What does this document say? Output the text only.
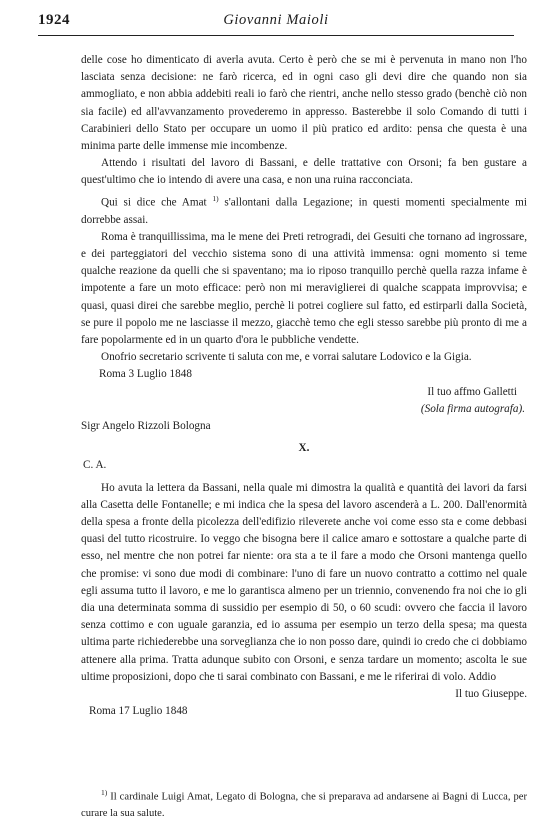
1924	Giovanni Maioli

delle cose ho dimenticato di averla avuta. Certo è però che se mi è pervenuta in mano non l'ho lasciata senza decisione: ne farò ricerca, ed in ogni caso gli devi dire che quando non sia ammogliato, e non abbia addebiti reali io farò che rientri, anche nello stesso grado (benchè ciò non sia facile) ed all'avvanzamento provederemo in appresso. Basterebbe il solo Comando di tutti i Carabinieri dello Stato per occupare un uomo il più pratico ed ardito: pensa che questa è una minima parte delle immense mie incombenze.

Attendo i risultati del lavoro di Bassani, e delle trattative con Orsoni; fa ben gustare a quest'ultimo che io intendo di avere una casa, e non una ruina racconciata.

Qui si dice che Amat $^{1)}$ s'allontani dalla Legazione; in questi momenti specialmente mi dorrebbe assai.

Roma è tranquillissima, ma le mene dei Preti retrogradi, dei Gesuiti che tornano ad ingrossare, e dei parteggiatori del vecchio sistema sono di una attività immensa: ogni momento si teme qualche reazione da quelli che si spaventano; ma io riposo tranquillo perchè quella razza infame è impotente a fare un moto efficace: però non mi meraviglierei di qualche scappata improvvisa; e quasi, quasi direi che sarebbe meglio, perchè li potrei cogliere sul fatto, ed estirparli dalla Società, se pure il popolo me ne lasciasse il mezzo, giacchè temo che egli stesso sarebbe più pronto di me a fare popolarmente ed in un quarto d'ora le pubbliche vendette.

Onofrio secretario scrivente ti saluta con me, e vorrai salutare Lodovico e la Gigia.

Roma 3 Luglio 1848
Il tuo affmo Galletti
(Sola firma autografa).
Sigr Angelo Rizzoli Bologna
X.
C. A.

Ho avuta la lettera da Bassani, nella quale mi dimostra la qualità e quantità dei lavori da farsi alla Casetta delle Fontanelle; e mi indica che la spesa del lavoro ascenderà a L. 200. Dall'enormità della spesa a fronte della picolezza dell'edifizio rileverete anche voi come esso sta e come debbasi quasi del tutto ricostruire. Io veggo che bisogna bere il calice amaro e sottostare a qualche parte di esso, nel mentre che non potrei far niente: ora sta a te il fare a modo che Orsoni mantenga quello che promise: vi sono due modi di combinare: l'uno di fare un nuovo contratto a cottimo nel quale egli assuma tutto il lavoro, e me lo garantisca almeno per un triennio, convenendo fra noi che io gli dia una determinata somma di sussidio per esempio di 50, o 60 scudi: ovvero che faccia il lavoro senza cottimo e con uguale garanzia, ed io assuma per esempio un terzo della spesa; ma questa ultima parte richiederebbe una sorveglianza che io non posso dare, quindi io credo che ci dobbiamo attenere alla prima. Tratta adunque subito con Orsoni, e senza tardare un momento; ascolta le sue ultime proposizioni, dopo che ti sarai combinato con Bassani, e me le riferirai di volo. Addio

Il tuo Giuseppe.
Roma 17 Luglio 1848

$^{1)}$ Il cardinale Luigi Amat, Legato di Bologna, che si preparava ad andarsene ai Bagni di Lucca, per curare la sua salute.
